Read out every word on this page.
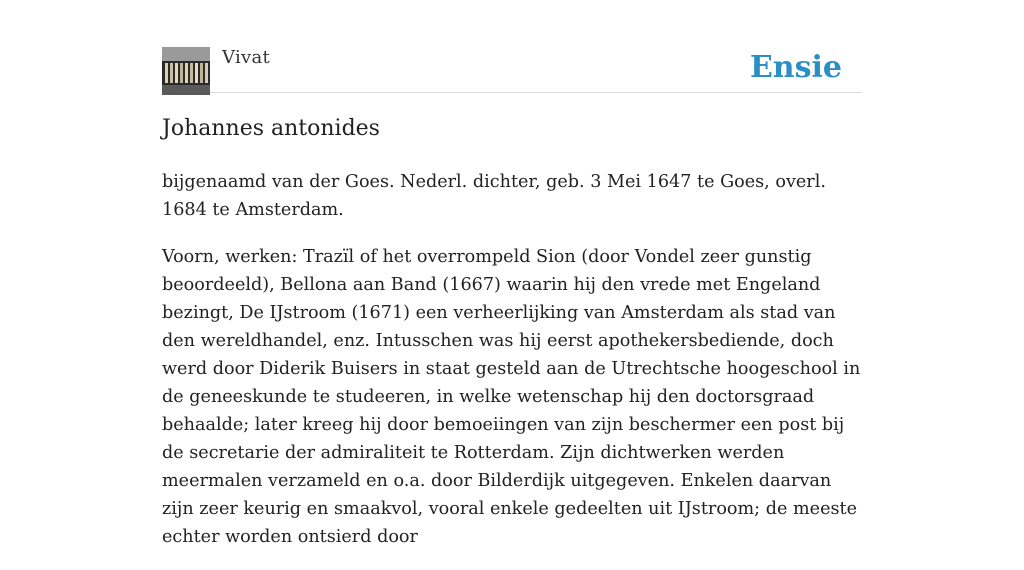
Vivat	Ensie
Johannes antonides

bijgenaamd van der Goes. Nederl. dichter, geb. 3 Mei 1647 te Goes, overl. 1684 te Amsterdam.

Voorn, werken: Trazïl of het overrompeld Sion (door Vondel zeer gunstig beoordeeld), Bellona aan Band (1667) waarin hij den vrede met Engeland bezingt, De IJstroom (1671) een verheerlijking van Amsterdam als stad van den wereldhandel, enz. Intusschen was hij eerst apothekersbediende, doch werd door Diderik Buisers in staat gesteld aan de Utrechtsche hoogeschool in de geneeskunde te studeeren, in welke wetenschap hij den doctorsgraad behaalde; later kreeg hij door bemoeiingen van zijn beschermer een post bij de secretarie der admiraliteit te Rotterdam. Zijn dichtwerken werden meermalen verzameld en o.a. door Bilderdijk uitgegeven. Enkelen daarvan zijn zeer keurig en smaakvol, vooral enkele gedeelten uit IJstroom; de meeste echter worden ontsierd door
